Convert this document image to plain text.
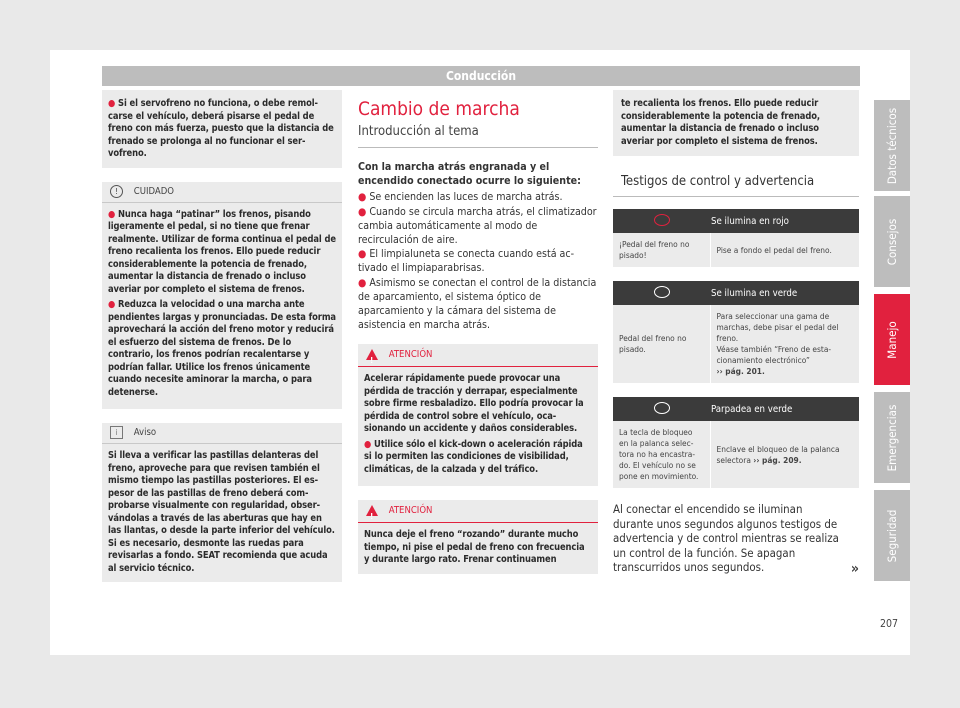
Conducción
● Si el servofreno no funciona, o debe remolcarse el vehículo, deberá pisarse el pedal de freno con más fuerza, puesto que la distancia de frenado se prolonga al no funcionar el servofreno.
! CUIDADO

● Nunca haga “patinar” los frenos, pisando ligeramente el pedal, si no tiene que frenar realmente. Utilizar de forma continua el pedal de freno recalienta los frenos. Ello puede reducir considerablemente la potencia de frenado, aumentar la distancia de frenado o incluso averiar por completo el sistema de frenos.

● Reduzca la velocidad o una marcha ante pendientes largas y pronunciadas. De esta forma aprovechará la acción del freno motor y reducirá el esfuerzo del sistema de frenos. De lo contrario, los frenos podrían recalentarse y podrían fallar. Utilice los frenos únicamente cuando necesite aminorar la marcha, o para detenerse.

i Aviso
Si lleva a verificar las pastillas delanteras del freno, aproveche para que revisen también el mismo tiempo las pastillas posteriores. El espesor de las pastillas de freno deberá comprobarse visualmente con regularidad, observándolas a través de las aberturas que hay en las llantas, o desde la parte inferior del vehículo. Si es necesario, desmonte las ruedas para revisarlas a fondo. SEAT recomienda que acuda al servicio técnico.
Cambio de marcha
Introducción al tema

Con la marcha atrás engranada y el encendido conectado ocurre lo siguiente:

● Se encienden las luces de marcha atrás.

● Cuando se circula marcha atrás, el climatizador cambia automáticamente al modo de recirculación de aire.

● El limpialuneta se conecta cuando está activado el limpiaparabrisas.

● Asimismo se conectan el control de la distancia de aparcamiento, el sistema óptico de aparcamiento y la cámara del sistema de asistencia en marcha atrás.

! ATENCIÓN

Acelerar rápidamente puede provocar una pérdida de tracción y derrapar, especialmente sobre firme resbaladizo. Ello podría provocar la pérdida de control sobre el vehículo, ocasionando un accidente y daños considerables.

● Utilice sólo el kick-down o aceleración rápida si lo permiten las condiciones de visibilidad, climáticas, de la calzada y del tráfico.

! ATENCIÓN
Nunca deje el freno “rozando” durante mucho tiempo, ni pise el pedal de freno con frecuencia y durante largo rato. Frenar continuamen
te recalienta los frenos. Ello puede reducir considerablemente la potencia de frenado, aumentar la distancia de frenado o incluso averiar por completo el sistema de frenos.
Testigos de control y advertencia
	Se ilumina en rojo
¡Pedal del freno no pisado!	Pise a fondo el pedal del freno.
	Se ilumina en verde
Pedal del freno no pisado.	Para seleccionar una gama de marchas, debe pisar el pedal del freno.
Véase también “Freno de estacionamiento electrónico”
›› pág. 201.
	Parpadea en verde
La tecla de bloqueo en la palanca selectora no ha encastrado. El vehículo no se pone en movimiento.	Enclave el bloqueo de la palanca selectora ›› pág. 209.
Al conectar el encendido se iluminan durante unos segundos algunos testigos de advertencia y de control mientras se realiza un control de la función. Se apagan transcurridos unos segundos.	»
Datos técnicos
Consejos
Manejo
Emergencias
Seguridad
207
